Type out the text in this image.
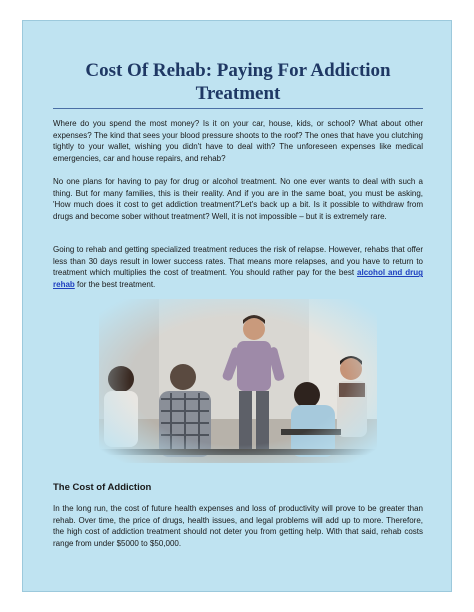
Cost Of Rehab: Paying For Addiction Treatment
Where do you spend the most money? Is it on your car, house, kids, or school? What about other expenses? The kind that sees your blood pressure shoots to the roof? The ones that have you clutching tightly to your wallet, wishing you didn't have to deal with? The unforeseen expenses like medical emergencies, car and house repairs, and rehab?
No one plans for having to pay for drug or alcohol treatment. No one ever wants to deal with such a thing. But for many families, this is their reality. And if you are in the same boat, you must be asking, 'How much does it cost to get addiction treatment?'Let's back up a bit. Is it possible to withdraw from drugs and become sober without treatment? Well, it is not impossible – but it is extremely rare.
Going to rehab and getting specialized treatment reduces the risk of relapse. However, rehabs that offer less than 30 days result in lower success rates. That means more relapses, and you have to return to treatment which multiplies the cost of treatment. You should rather pay for the best alcohol and drug rehab for the best treatment.
The Cost of Addiction
In the long run, the cost of future health expenses and loss of productivity will prove to be greater than rehab. Over time, the price of drugs, health issues, and legal problems will add up to more. Therefore, the high cost of addiction treatment should not deter you from getting help. With that said, rehab costs range from under $5000 to $50,000.
